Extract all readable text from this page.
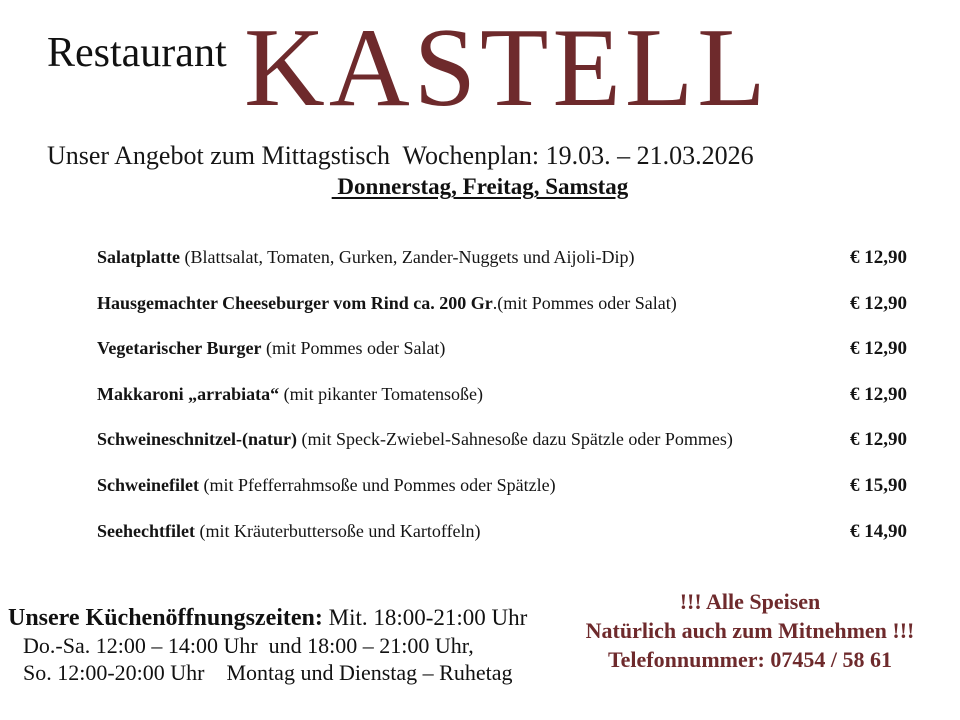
Restaurant KASTELL
Unser Angebot zum Mittagstisch  Wochenplan: 19.03. – 21.03.2026
Donnerstag, Freitag, Samstag
Salatplatte (Blattsalat, Tomaten, Gurken, Zander-Nuggets und Aijoli-Dip)	€ 12,90
Hausgemachter Cheeseburger vom Rind ca. 200 Gr.(mit Pommes oder Salat)	€ 12,90
Vegetarischer Burger (mit Pommes oder Salat)	€ 12,90
Makkaroni „arrabiata“ (mit pikanter Tomatensoße)	€ 12,90
Schweineschnitzel-(natur) (mit Speck-Zwiebel-Sahnesoße dazu Spätzle oder Pommes)	€ 12,90
Schweinefilet (mit Pfefferrahmsoße und Pommes oder Spätzle)	€ 15,90
Seehechtfilet (mit Kräuterbuttersoße und Kartoffeln)	€ 14,90
Unsere Küchenöffnungszeiten: Mit. 18:00-21:00 Uhr
Do.-Sa. 12:00 – 14:00 Uhr  und 18:00 – 21:00 Uhr,
So. 12:00-20:00 Uhr    Montag und Dienstag – Ruhetag
!!! Alle Speisen
Natürlich auch zum Mitnehmen !!!
Telefonnummer: 07454 / 58 61
